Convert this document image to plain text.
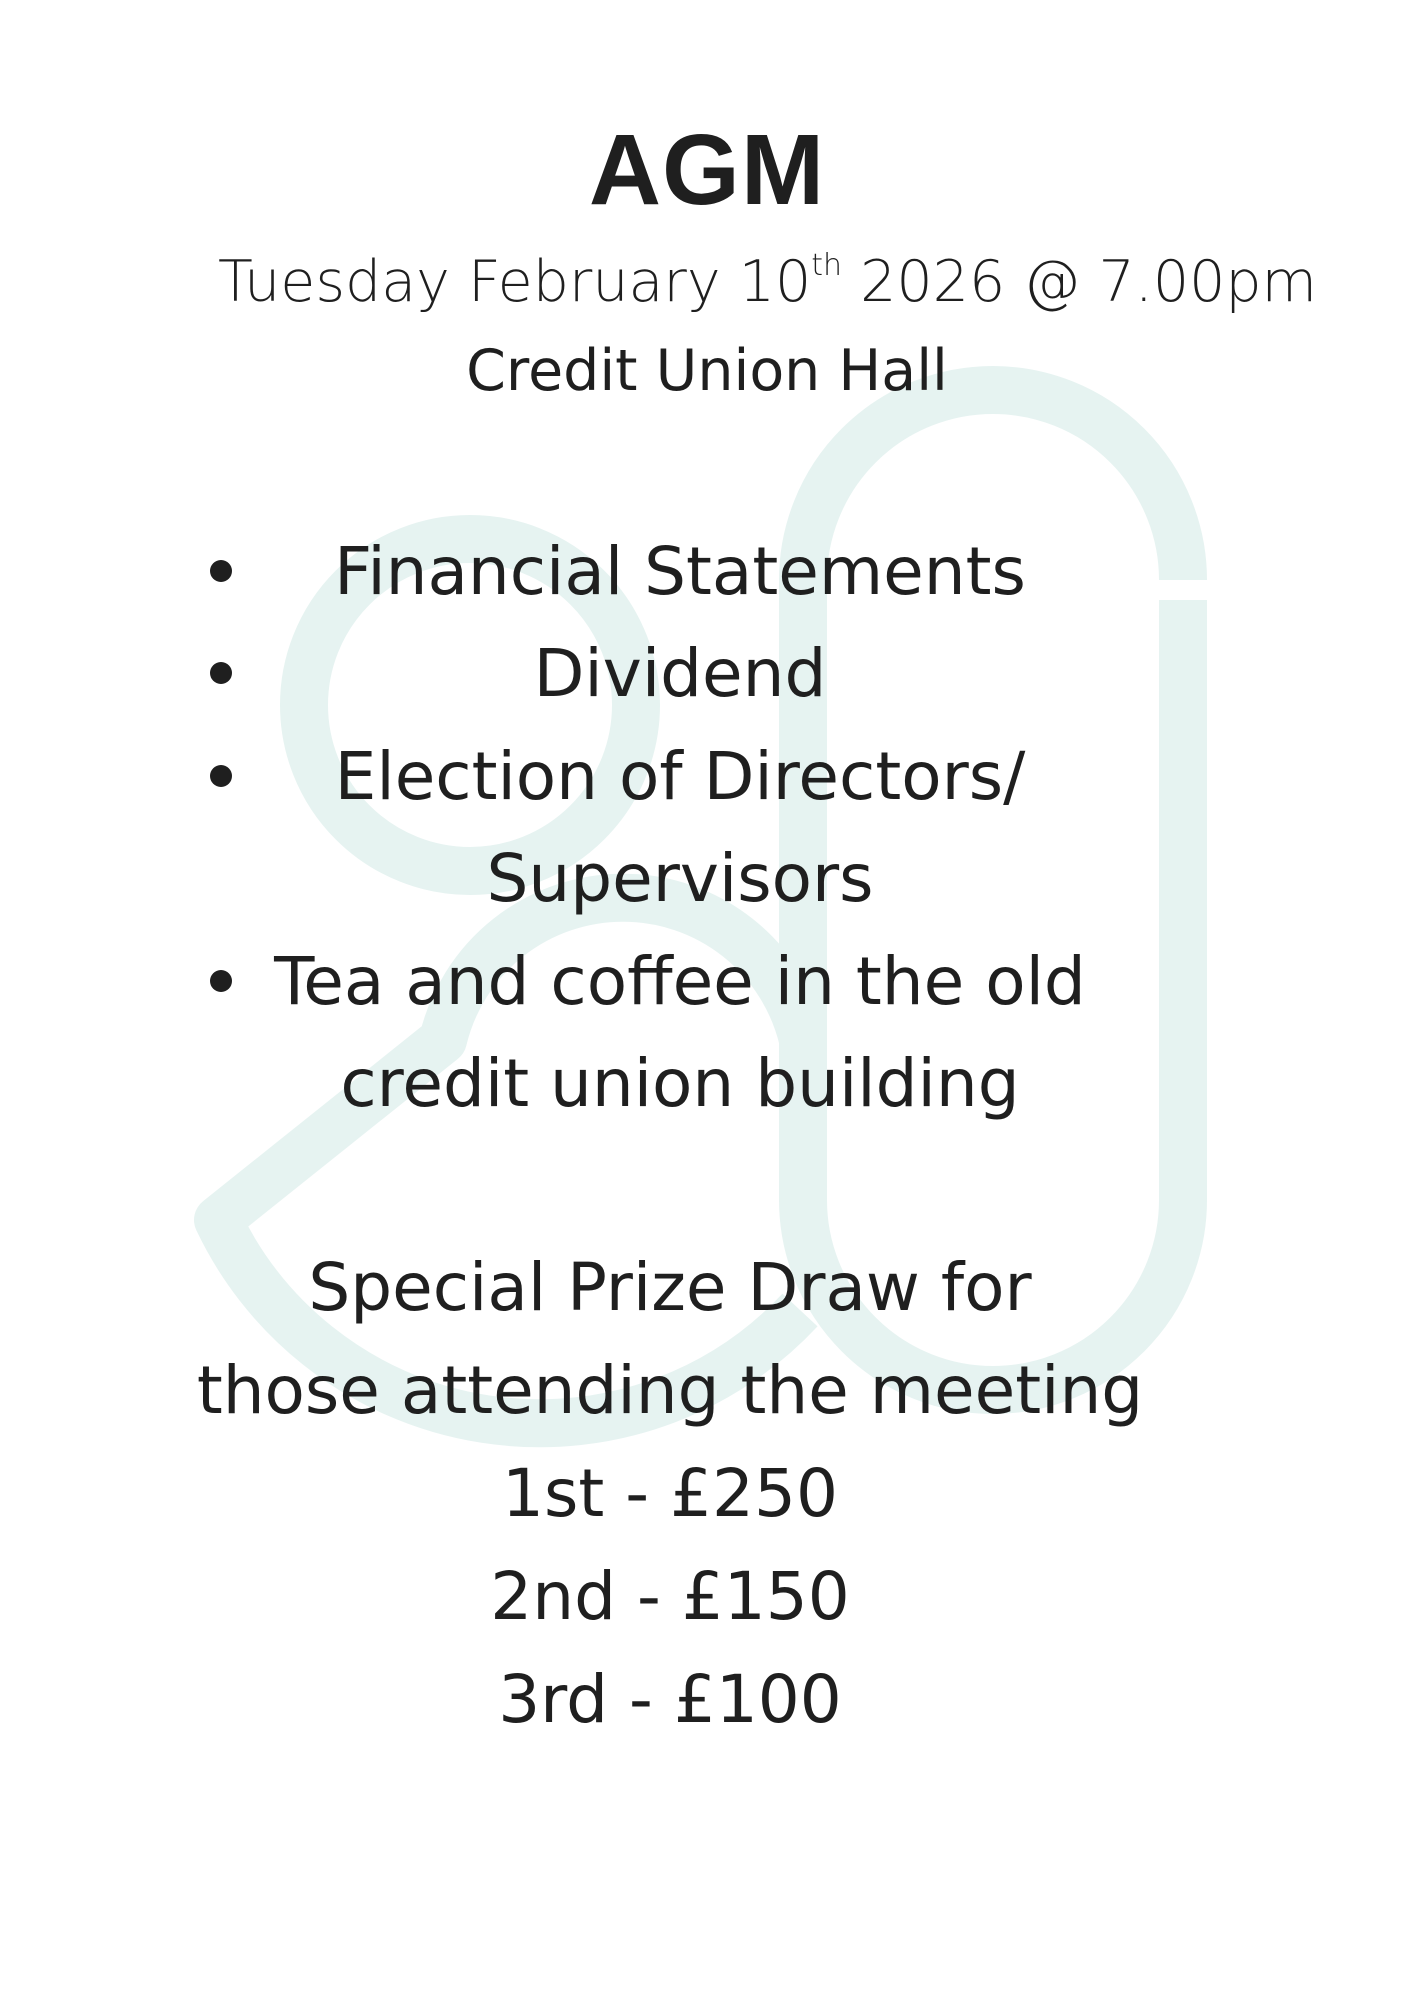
AGM
Tuesday February 10th 2026 @ 7.00pm
Credit Union Hall
Financial Statements
Dividend
Election of Directors/
Supervisors
Tea and coffee in the old
credit union building
Special Prize Draw for
those attending the meeting
1st - £250
2nd - £150
3rd - £100
